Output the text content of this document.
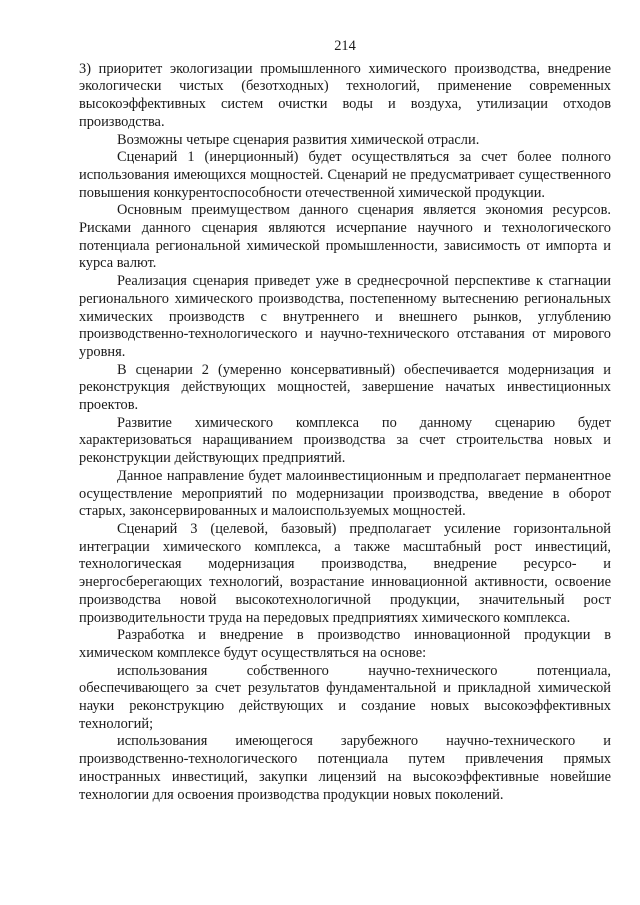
214

3) приоритет экологизации промышленного химического производства, внедрение экологически чистых (безотходных) технологий, применение современных высокоэффективных систем очистки воды и воздуха, утилизации отходов производства.

Возможны четыре сценария развития химической отрасли.

Сценарий 1 (инерционный) будет осуществляться за счет более полного использования имеющихся мощностей. Сценарий не предусматривает существенного повышения конкурентоспособности отечественной химической продукции.

Основным преимуществом данного сценария является экономия ресурсов. Рисками данного сценария являются исчерпание научного и технологического потенциала региональной химической промышленности, зависимость от импорта и курса валют.

Реализация сценария приведет уже в среднесрочной перспективе к стагнации регионального химического производства, постепенному вытеснению региональных химических производств с внутреннего и внешнего рынков, углублению производственно-технологического и научно-технического отставания от мирового уровня.

В сценарии 2 (умеренно консервативный) обеспечивается модернизация и реконструкция действующих мощностей, завершение начатых инвестиционных проектов.

Развитие химического комплекса по данному сценарию будет характеризоваться наращиванием производства за счет строительства новых и реконструкции действующих предприятий.

Данное направление будет малоинвестиционным и предполагает перманентное осуществление мероприятий по модернизации производства, введение в оборот старых, законсервированных и малоиспользуемых мощностей.

Сценарий 3 (целевой, базовый) предполагает усиление горизонтальной интеграции химического комплекса, а также масштабный рост инвестиций, технологическая модернизация производства, внедрение ресурсо- и энергосберегающих технологий, возрастание инновационной активности, освоение производства новой высокотехнологичной продукции, значительный рост производительности труда на передовых предприятиях химического комплекса.

Разработка и внедрение в производство инновационной продукции в химическом комплексе будут осуществляться на основе:

использования собственного научно-технического потенциала, обеспечивающего за счет результатов фундаментальной и прикладной химической науки реконструкцию действующих и создание новых высокоэффективных технологий;

использования имеющегося зарубежного научно-технического и производственно-технологического потенциала путем привлечения прямых иностранных инвестиций, закупки лицензий на высокоэффективные новейшие технологии для освоения производства продукции новых поколений.
